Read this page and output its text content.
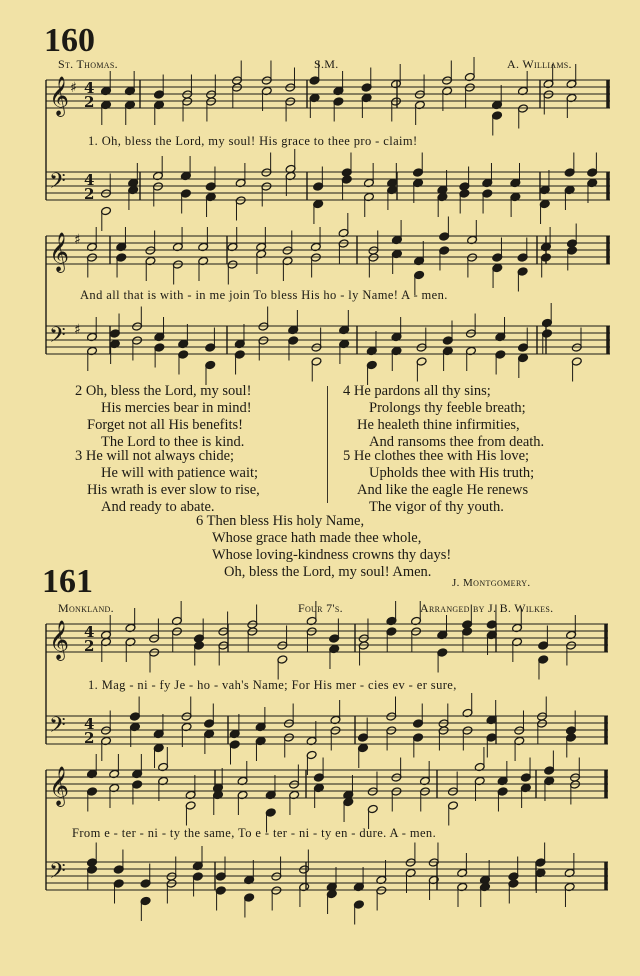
160
St. Thomas.	S.M.	A. Williams.
𝄞 ♯ 4
2
𝄢 4
2
𝄞 ♯
𝄢 ♯
𝄞 4
2
𝄢 4
2
𝄞
𝄢
1. Oh, bless the Lord, my soul! His grace to thee pro - claim!
And all that is with - in me join To bless His ho - ly Name! A - men.
2 Oh, bless the Lord, my soul!
His mercies bear in mind!
Forget not all His benefits!
The Lord to thee is kind.
3 He will not always chide;
He will with patience wait;
His wrath is ever slow to rise,
And ready to abate.
4 He pardons all thy sins;
Prolongs thy feeble breath;
He healeth thine infirmities,
And ransoms thee from death.
5 He clothes thee with His love;
Upholds thee with His truth;
And like the eagle He renews
The vigor of thy youth.
6 Then bless His holy Name,
Whose grace hath made thee whole,
Whose loving-kindness crowns thy days!
Oh, bless the Lord, my soul! Amen.
J. Montgomery.
161
Monkland.	Four 7's.	Arranged by J. B. Wilkes.
1. Mag - ni - fy Je - ho - vah's Name; For His mer - cies ev - er sure,
From e - ter - ni - ty the same, To e - ter - ni - ty en - dure. A - men.
